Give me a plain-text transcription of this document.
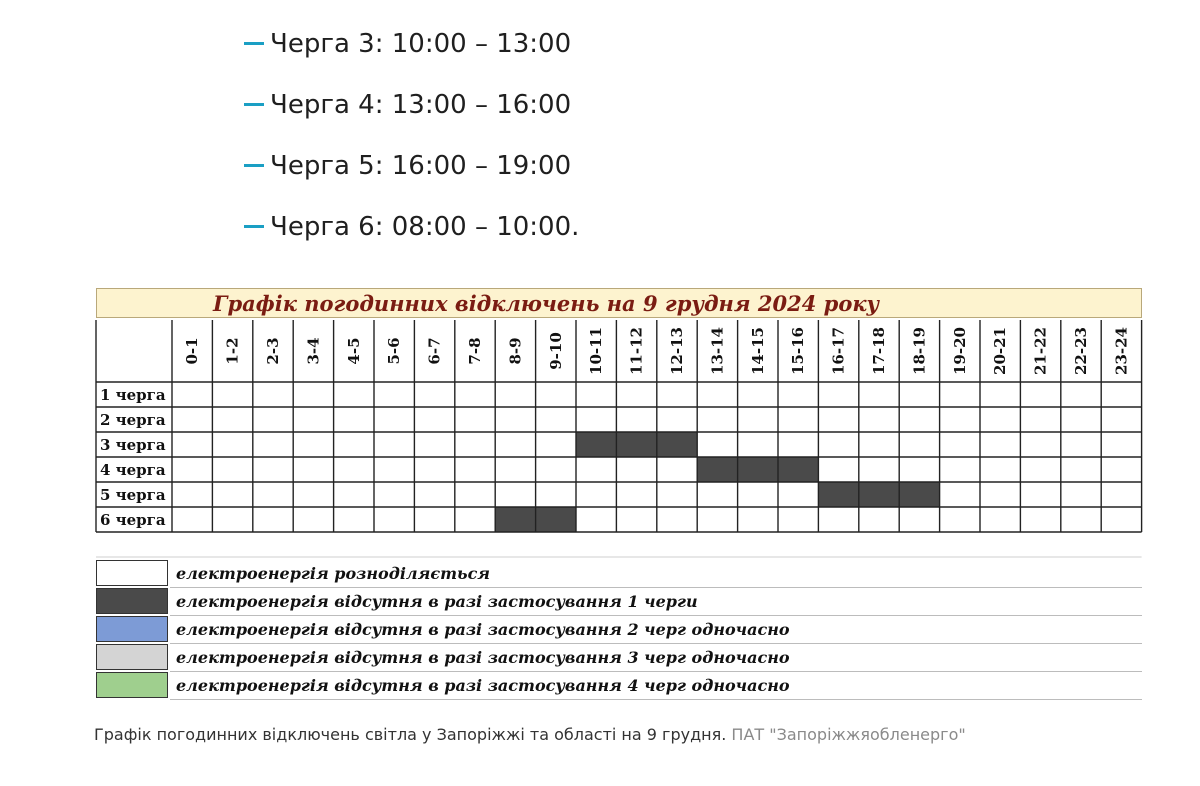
Черга 3: 10:00 – 13:00
Черга 4: 13:00 – 16:00
Черга 5: 16:00 – 19:00
Черга 6: 08:00 – 10:00.
0-1 1-2 2-3 3-4 4-5 5-6 6-7 7-8 8-9 9-10 10-11 11-12 12-13 13-14 14-15 15-16 16-17 17-18 18-19 19-20 20-21 21-22 22-23 23-24
1 черга
2 черга
3 черга
4 черга
5 черга
6 черга
Графік погодинних відключень на 9 грудня 2024 року
електроенергія розноділяється
електроенергія відсутня в разі застосування 1 черги
електроенергія відсутня в разі застосування 2 черг одночасно
електроенергія відсутня в разі застосування 3 черг одночасно
електроенергія відсутня в разі застосування 4 черг одночасно
Графік погодинних відключень світла у Запоріжжі та області на 9 грудня. ПАТ "Запоріжжяобленерго"
